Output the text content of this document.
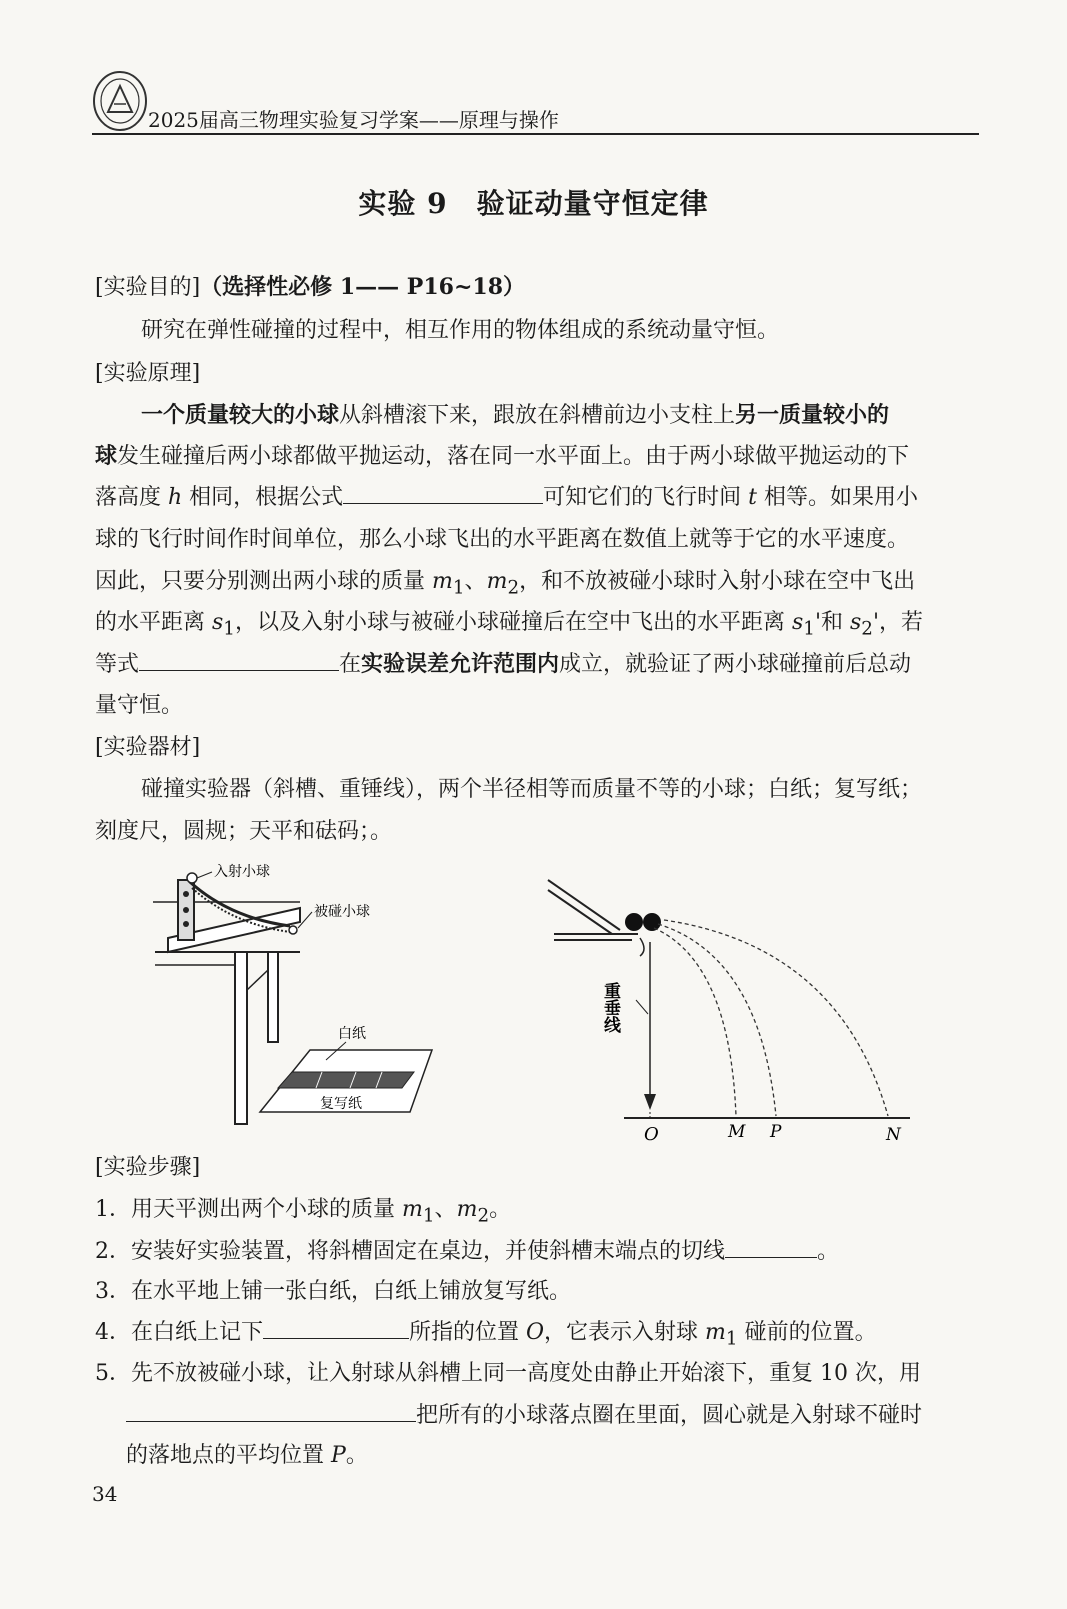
2025届高三物理实验复习学案——原理与操作
实验 9　验证动量守恒定律
[实验目的]（选择性必修 1—— P16~18）
研究在弹性碰撞的过程中，相互作用的物体组成的系统动量守恒。
[实验原理]
一个质量较大的小球从斜槽滚下来，跟放在斜槽前边小支柱上另一质量较小的
球发生碰撞后两小球都做平抛运动，落在同一水平面上。由于两小球做平抛运动的下
落高度 h 相同，根据公式	可知它们的飞行时间 t 相等。如果用小
球的飞行时间作时间单位，那么小球飞出的水平距离在数值上就等于它的水平速度。
因此，只要分别测出两小球的质量 $m_1$、$m_2$，和不放被碰小球时入射小球在空中飞出
的水平距离 $s_1$，以及入射小球与被碰小球碰撞后在空中飞出的水平距离 $s_1'$和 $s_2'$，若
等式	在实验误差允许范围内成立，就验证了两小球碰撞前后总动
量守恒。
[实验器材]
碰撞实验器（斜槽、重锤线），两个半径相等而质量不等的小球；白纸；复写纸；
刻度尺，圆规；天平和砝码；。
入射小球
被碰小球
白纸
复写纸
重垂线
O	M P	N
[实验步骤]
1．用天平测出两个小球的质量 $m_1$、$m_2$。
2．安装好实验装置，将斜槽固定在桌边，并使斜槽末端点的切线	。
3．在水平地上铺一张白纸，白纸上铺放复写纸。
4．在白纸上记下	所指的位置 O，它表示入射球 $m_1$ 碰前的位置。
5．先不放被碰小球，让入射球从斜槽上同一高度处由静止开始滚下，重复 10 次，用
把所有的小球落点圈在里面，圆心就是入射球不碰时
的落地点的平均位置 P。
34
